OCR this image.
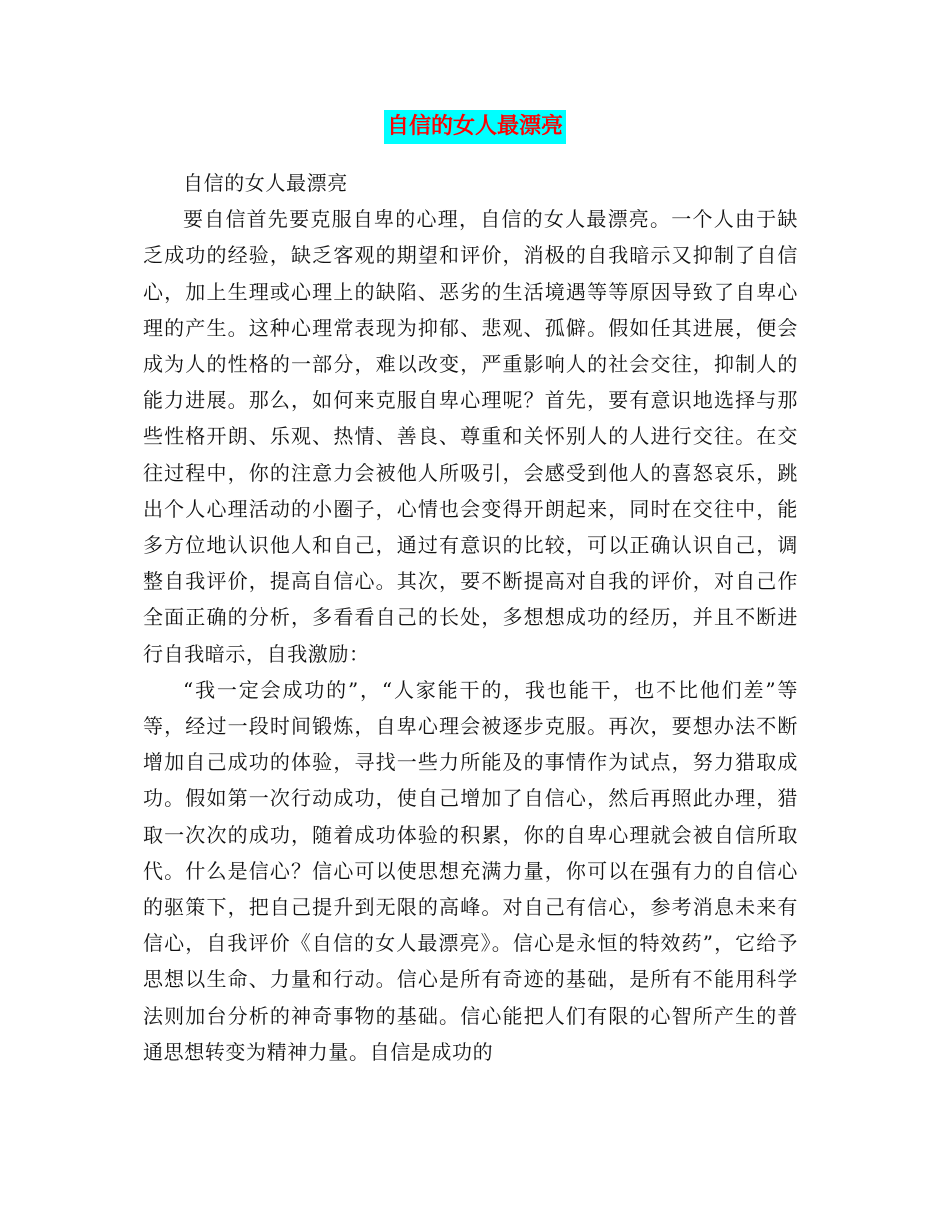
自信的女人最漂亮

自信的女人最漂亮

要自信首先要克服自卑的心理，自信的女人最漂亮。一个人由于缺乏成功的经验，缺乏客观的期望和评价，消极的自我暗示又抑制了自信心，加上生理或心理上的缺陷、恶劣的生活境遇等等原因导致了自卑心理的产生。这种心理常表现为抑郁、悲观、孤僻。假如任其进展，便会成为人的性格的一部分，难以改变，严重影响人的社会交往，抑制人的能力进展。那么，如何来克服自卑心理呢？首先，要有意识地选择与那些性格开朗、乐观、热情、善良、尊重和关怀别人的人进行交往。在交往过程中，你的注意力会被他人所吸引，会感受到他人的喜怒哀乐，跳出个人心理活动的小圈子，心情也会变得开朗起来，同时在交往中，能多方位地认识他人和自己，通过有意识的比较，可以正确认识自己，调整自我评价，提高自信心。其次，要不断提高对自我的评价，对自己作全面正确的分析，多看看自己的长处，多想想成功的经历，并且不断进行自我暗示，自我激励：

“我一定会成功的”，“人家能干的，我也能干，也不比他们差”等等，经过一段时间锻炼，自卑心理会被逐步克服。再次，要想办法不断增加自己成功的体验，寻找一些力所能及的事情作为试点，努力猎取成功。假如第一次行动成功，使自己增加了自信心，然后再照此办理，猎取一次次的成功，随着成功体验的积累，你的自卑心理就会被自信所取代。什么是信心？信心可以使思想充满力量，你可以在强有力的自信心的驱策下，把自己提升到无限的高峰。对自己有信心，参考消息未来有信心，自我评价《自信的女人最漂亮》。信心是永恒的特效药”，它给予思想以生命、力量和行动。信心是所有奇迹的基础，是所有不能用科学法则加台分析的神奇事物的基础。信心能把人们有限的心智所产生的普通思想转变为精神力量。自信是成功的
